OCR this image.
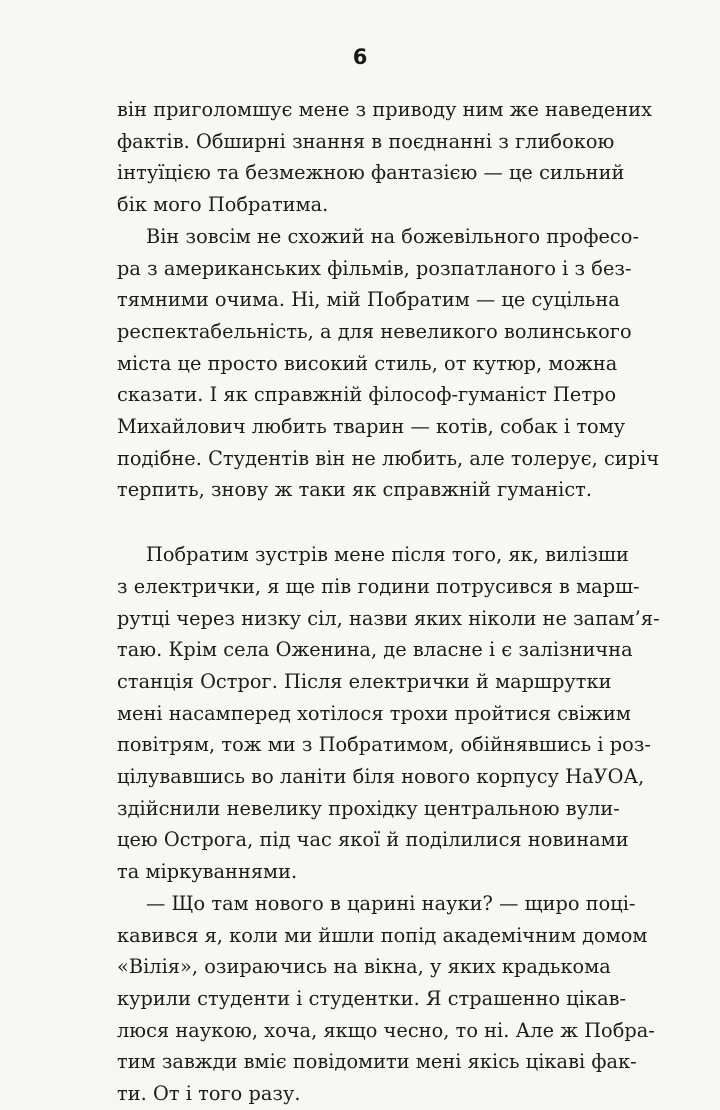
6
він приголомшує мене з приводу ним же наведених
фактів. Обширні знання в поєднанні з глибокою
інтуїцією та безмежною фантазією — це сильний
бік мого Побратима.
Він зовсім не схожий на божевільного професо-
ра з американських фільмів, розпатланого і з без-
тямними очима. Ні, мій Побратим — це суцільна
респектабельність, а для невеликого волинського
міста це просто високий стиль, от кутюр, можна
сказати. І як справжній філософ-гуманіст Петро
Михайлович любить тварин — котів, собак і тому
подібне. Студентів він не любить, але толерує, сиріч
терпить, знову ж таки як справжній гуманіст.
Побратим зустрів мене після того, як, вилізши
з електрички, я ще пів години потрусився в марш-
рутці через низку сіл, назви яких ніколи не запам’я-
таю. Крім села Оженина, де власне і є залізнична
станція Острог. Після електрички й маршрутки
мені насамперед хотілося трохи пройтися свіжим
повітрям, тож ми з Побратимом, обійнявшись і роз-
цілувавшись во ланіти біля нового корпусу НаУОА,
здійснили невелику прохідку центральною вули-
цею Острога, під час якої й поділилися новинами
та міркуваннями.
— Що там нового в царині науки? — щиро поці-
кавився я, коли ми йшли попід академічним домом
«Вілія», озираючись на вікна, у яких крадькома
курили студенти і студентки. Я страшенно цікав-
люся наукою, хоча, якщо чесно, то ні. Але ж Побра-
тим завжди вміє повідомити мені якісь цікаві фак-
ти. От і того разу.
